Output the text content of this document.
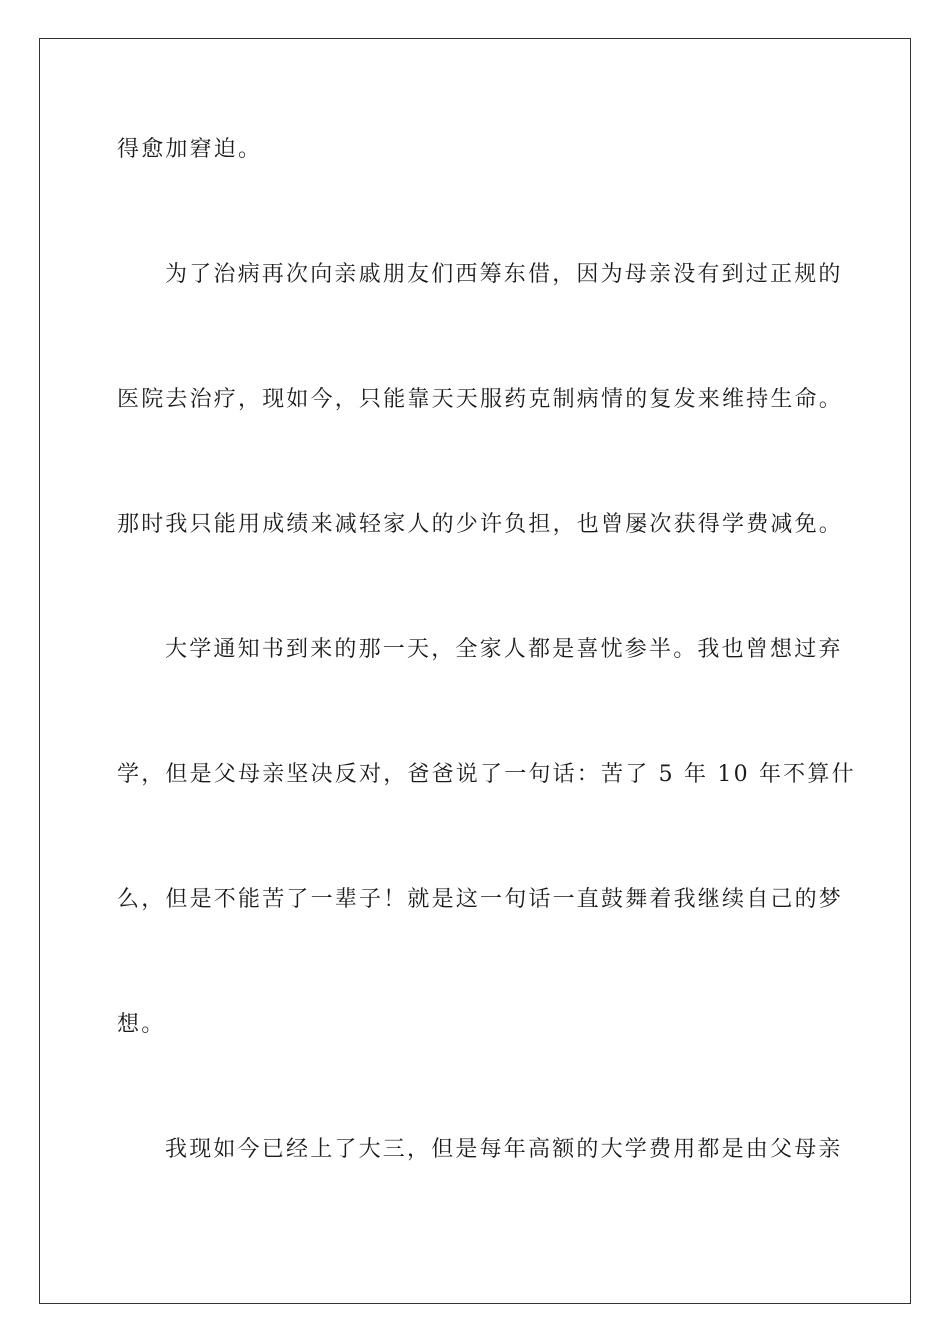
得愈加窘迫。
为了治病再次向亲戚朋友们西筹东借，因为母亲没有到过正规的
医院去治疗，现如今，只能靠天天服药克制病情的复发来维持生命。
那时我只能用成绩来减轻家人的少许负担，也曾屡次获得学费减免。
大学通知书到来的那一天，全家人都是喜忧参半。我也曾想过弃
学，但是父母亲坚决反对，爸爸说了一句话：苦了 5 年 10 年不算什
么，但是不能苦了一辈子！就是这一句话一直鼓舞着我继续自己的梦
想。
我现如今已经上了大三，但是每年高额的大学费用都是由父母亲
